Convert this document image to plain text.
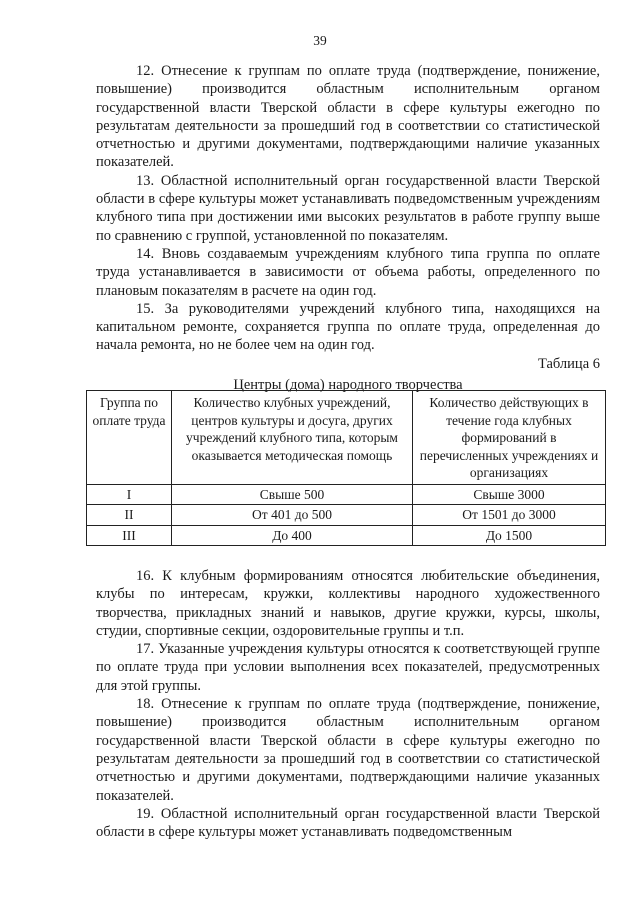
39

12. Отнесение к группам по оплате труда (подтверждение, понижение, повышение) производится областным исполнительным органом государственной власти Тверской области в сфере культуры ежегодно по результатам деятельности за прошедший год в соответствии со статистической отчетностью и другими документами, подтверждающими наличие указанных показателей.

13. Областной исполнительный орган государственной власти Тверской области в сфере культуры может устанавливать подведомственным учреждениям клубного типа при достижении ими высоких результатов в работе группу выше по сравнению с группой, установленной по показателям.

14. Вновь создаваемым учреждениям клубного типа группа по оплате труда устанавливается в зависимости от объема работы, определенного по плановым показателям в расчете на один год.

15. За руководителями учреждений клубного типа, находящихся на капитальном ремонте, сохраняется группа по оплате труда, определенная до начала ремонта, но не более чем на один год.

Таблица 6

Центры (дома) народного творчества

Группа по оплате труда	Количество клубных учреждений, центров культуры и досуга, других учреждений клубного типа, которым оказывается методическая помощь	Количество действующих в течение года клубных формирований в перечисленных учреждениях и организациях
I	Свыше 500	Свыше 3000
II	От 401 до 500	От 1501 до 3000
III	До 400	До 1500

16. К клубным формированиям относятся любительские объединения, клубы по интересам, кружки, коллективы народного художественного творчества, прикладных знаний и навыков, другие кружки, курсы, школы, студии, спортивные секции, оздоровительные группы и т.п.

17. Указанные учреждения культуры относятся к соответствующей группе по оплате труда при условии выполнения всех показателей, предусмотренных для этой группы.

18. Отнесение к группам по оплате труда (подтверждение, понижение, повышение) производится областным исполнительным органом государственной власти Тверской области в сфере культуры ежегодно по результатам деятельности за прошедший год в соответствии со статистической отчетностью и другими документами, подтверждающими наличие указанных показателей.

19. Областной исполнительный орган государственной власти Тверской области в сфере культуры может устанавливать подведомственным
